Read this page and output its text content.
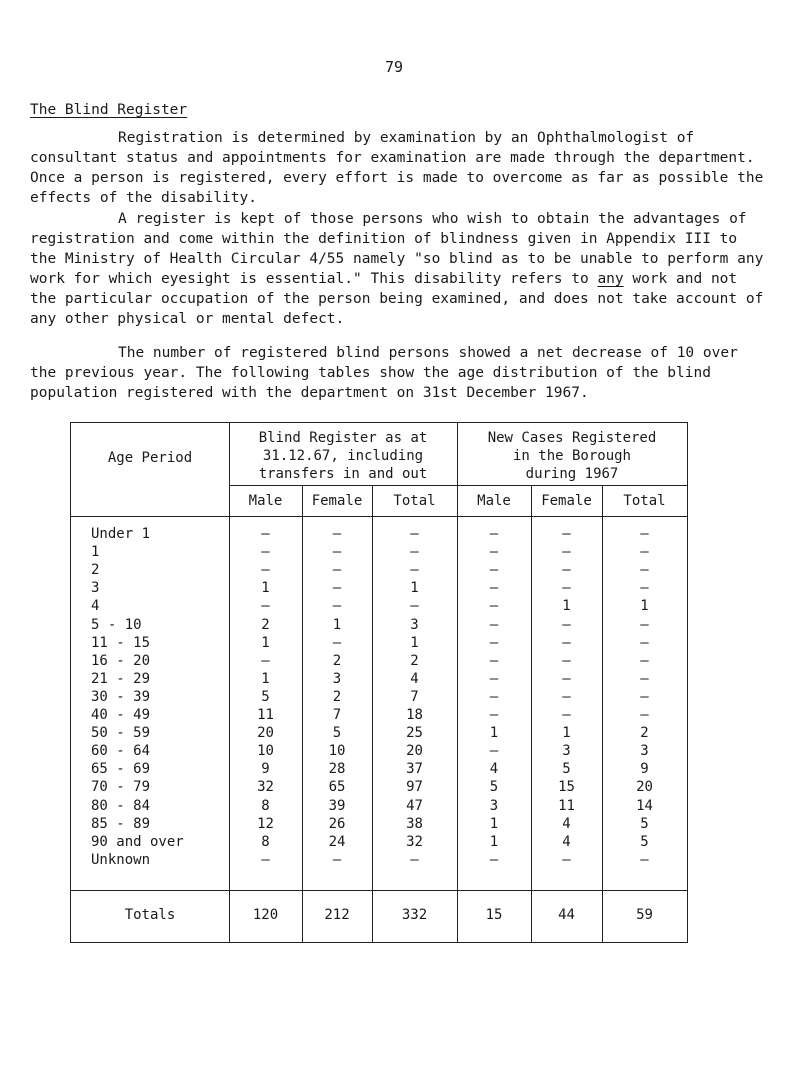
79
The Blind Register

Registration is determined by examination by an Ophthalmologist of consultant status and appointments for examination are made through the department. Once a person is registered, every effort is made to overcome as far as possible the effects of the disability.

A register is kept of those persons who wish to obtain the advantages of registration and come within the definition of blindness given in Appendix III to the Ministry of Health Circular 4/55 namely "so blind as to be unable to perform any work for which eyesight is essential." This disability refers to any work and not the particular occupation of the person being examined, and does not take account of any other physical or mental defect.

The number of registered blind persons showed a net decrease of 10 over the previous year. The following tables show the age distribution of the blind population registered with the department on 31st December 1967.

Age Period
Blind Register as at
31.12.67, including
transfers in and out
New Cases Registered
in the Borough
during 1967
Male	Female	Total	Male	Female	Total
Under 1	–	–	–	–	–	–
1	–	–	–	–	–	–
2	–	–	–	–	–	–
3	1	–	1	–	–	–
4	–	–	–	–	1	1
5 - 10	2	1	3	–	–	–
11 - 15	1	–	1	–	–	–
16 - 20	–	2	2	–	–	–
21 - 29	1	3	4	–	–	–
30 - 39	5	2	7	–	–	–
40 - 49	11	7	18	–	–	–
50 - 59	20	5	25	1	1	2
60 - 64	10	10	20	–	3	3
65 - 69	9	28	37	4	5	9
70 - 79	32	65	97	5	15	20
80 - 84	8	39	47	3	11	14
85 - 89	12	26	38	1	4	5
90 and over	8	24	32	1	4	5
Unknown	–	–	–	–	–	–
Totals	120	212	332	15	44	59
